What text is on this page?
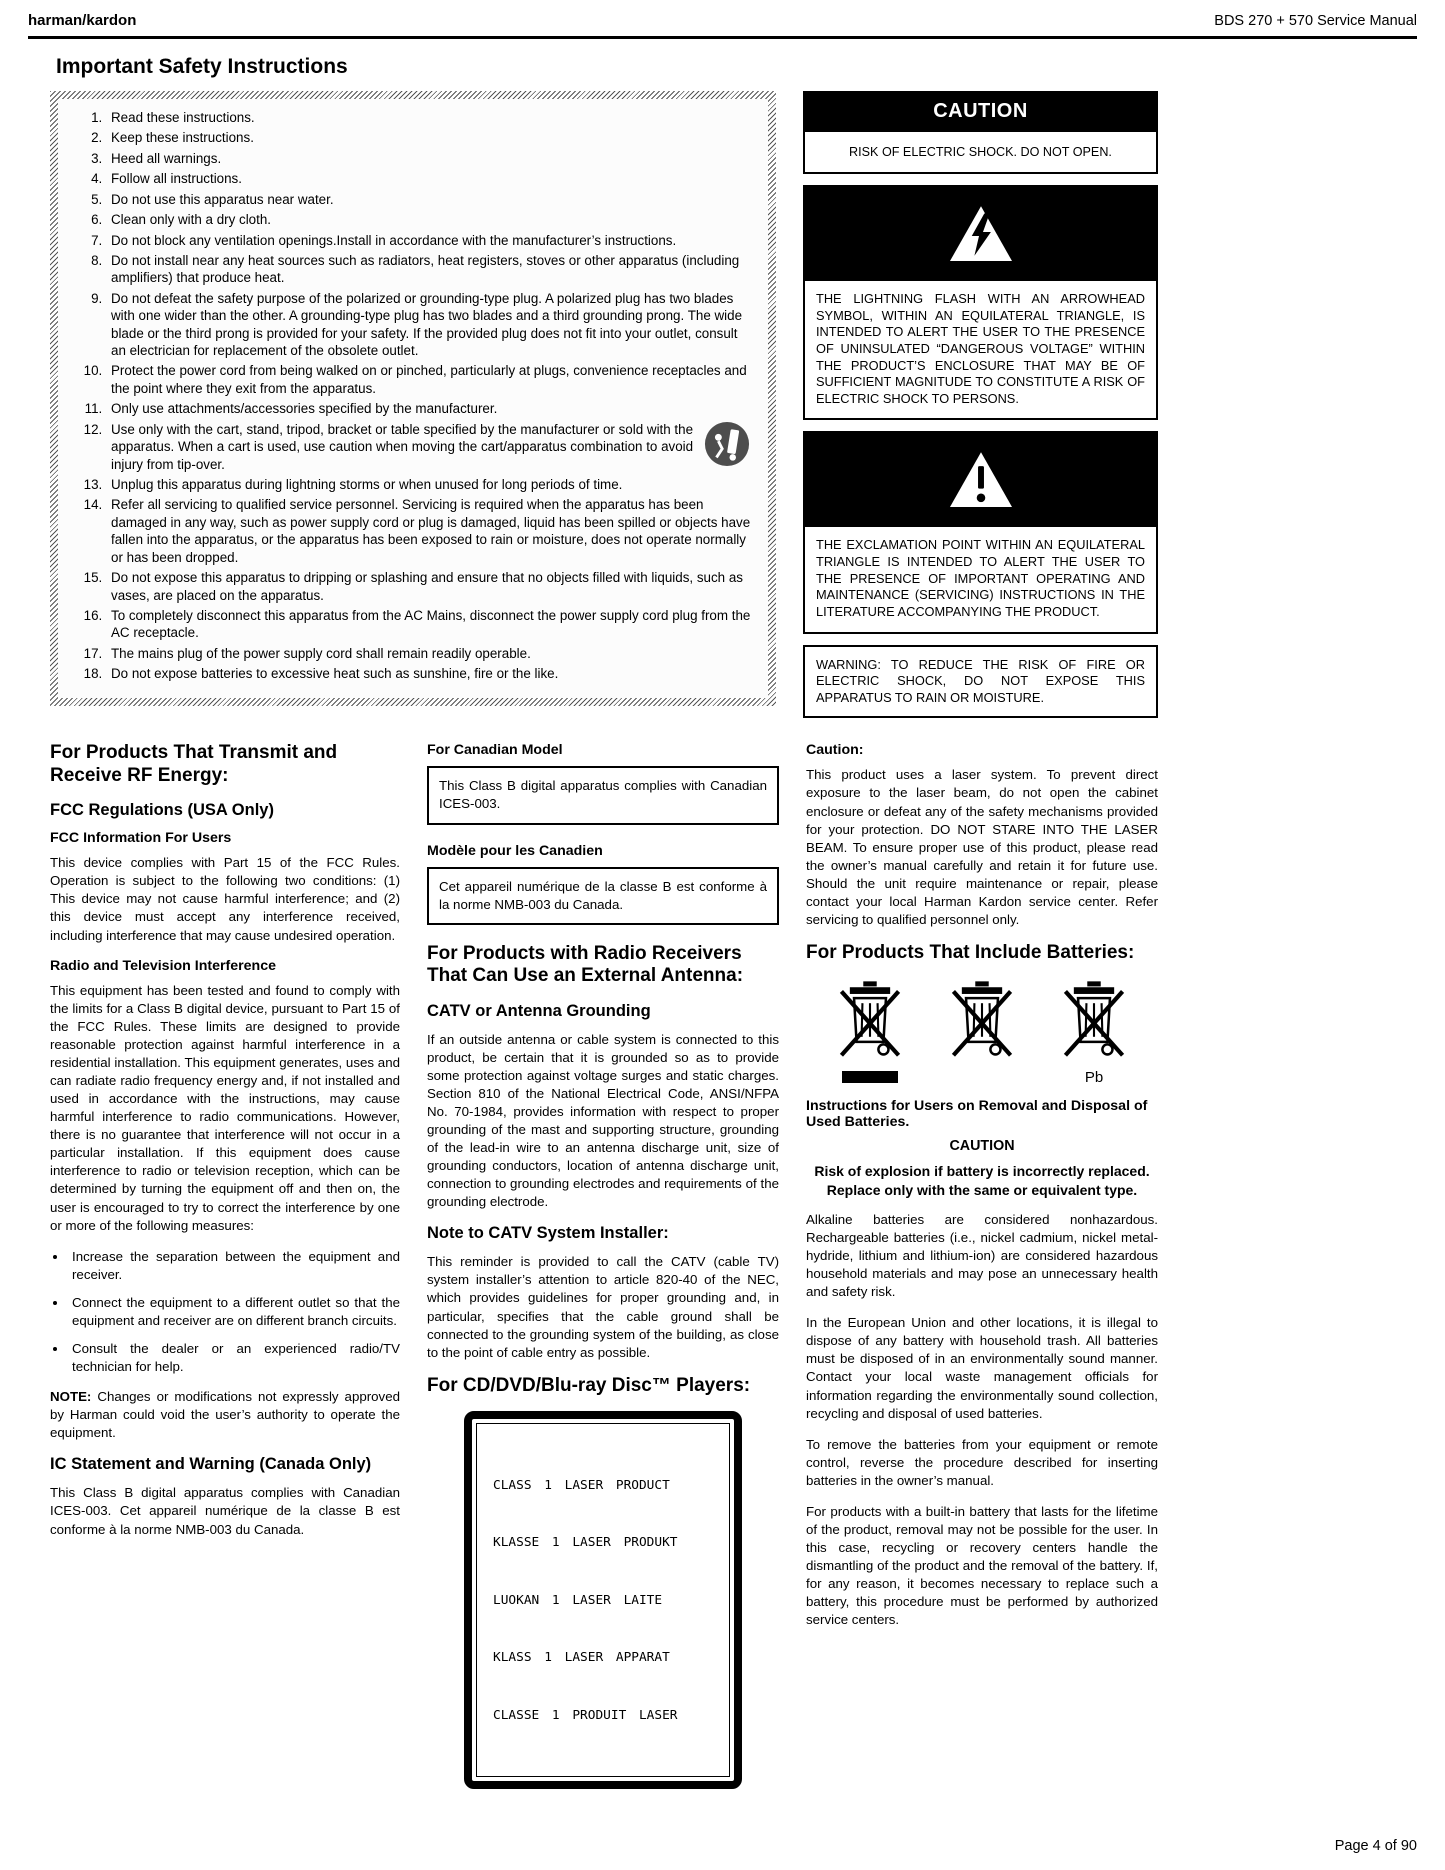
harman/kardon	BDS 270 + 570 Service Manual
Important Safety Instructions
1. Read these instructions.
2. Keep these instructions.
3. Heed all warnings.
4. Follow all instructions.
5. Do not use this apparatus near water.
6. Clean only with a dry cloth.
7. Do not block any ventilation openings.Install in accordance with the manufacturer’s instructions.
8. Do not install near any heat sources such as radiators, heat registers, stoves or other apparatus (including amplifiers) that produce heat.
9. Do not defeat the safety purpose of the polarized or grounding-type plug. A polarized plug has two blades with one wider than the other. A grounding-type plug has two blades and a third grounding prong. The wide blade or the third prong is provided for your safety. If the provided plug does not fit into your outlet, consult an electrician for replacement of the obsolete outlet.
10. Protect the power cord from being walked on or pinched, particularly at plugs, convenience receptacles and the point where they exit from the apparatus.
11. Only use attachments/accessories specified by the manufacturer.
12. Use only with the cart, stand, tripod, bracket or table specified by the manufacturer or sold with the apparatus. When a cart is used, use caution when moving the cart/apparatus combination to avoid injury from tip-over.
13. Unplug this apparatus during lightning storms or when unused for long periods of time.
14. Refer all servicing to qualified service personnel. Servicing is required when the apparatus has been damaged in any way, such as power supply cord or plug is damaged, liquid has been spilled or objects have fallen into the apparatus, or the apparatus has been exposed to rain or moisture, does not operate normally or has been dropped.
15. Do not expose this apparatus to dripping or splashing and ensure that no objects filled with liquids, such as vases, are placed on the apparatus.
16. To completely disconnect this apparatus from the AC Mains, disconnect the power supply cord plug from the AC receptacle.
17. The mains plug of the power supply cord shall remain readily operable.
18. Do not expose batteries to excessive heat such as sunshine, fire or the like.
CAUTION
RISK OF ELECTRIC SHOCK. DO NOT OPEN.
THE LIGHTNING FLASH WITH AN ARROWHEAD SYMBOL, WITHIN AN EQUILATERAL TRIANGLE, IS INTENDED TO ALERT THE USER TO THE PRESENCE OF UNINSULATED “DANGEROUS VOLTAGE” WITHIN THE PRODUCT’S ENCLOSURE THAT MAY BE OF SUFFICIENT MAGNITUDE TO CONSTITUTE A RISK OF ELECTRIC SHOCK TO PERSONS.
THE EXCLAMATION POINT WITHIN AN EQUILATERAL TRIANGLE IS INTENDED TO ALERT THE USER TO THE PRESENCE OF IMPORTANT OPERATING AND MAINTENANCE (SERVICING) INSTRUCTIONS IN THE LITERATURE ACCOMPANYING THE PRODUCT.
WARNING: TO REDUCE THE RISK OF FIRE OR ELECTRIC SHOCK, DO NOT EXPOSE THIS APPARATUS TO RAIN OR MOISTURE.
For Products That Transmit and Receive RF Energy:
FCC Regulations (USA Only)
FCC Information For Users

This device complies with Part 15 of the FCC Rules. Operation is subject to the following two conditions: (1) This device may not cause harmful interference; and (2) this device must accept any interference received, including interference that may cause undesired operation.

Radio and Television Interference

This equipment has been tested and found to comply with the limits for a Class B digital device, pursuant to Part 15 of the FCC Rules. These limits are designed to provide reasonable protection against harmful interference in a residential installation. This equipment generates, uses and can radiate radio frequency energy and, if not installed and used in accordance with the instructions, may cause harmful interference to radio communications. However, there is no guarantee that interference will not occur in a particular installation. If this equipment does cause interference to radio or television reception, which can be determined by turning the equipment off and then on, the user is encouraged to try to correct the interference by one or more of the following measures:

• Increase the separation between the equipment and receiver.
• Connect the equipment to a different outlet so that the equipment and receiver are on different branch circuits.
• Consult the dealer or an experienced radio/TV technician for help.

NOTE: Changes or modifications not expressly approved by Harman could void the user’s authority to operate the equipment.

IC Statement and Warning (Canada Only)

This Class B digital apparatus complies with Canadian ICES-003. Cet appareil numérique de la classe B est conforme à la norme NMB-003 du Canada.

For Canadian Model
This Class B digital apparatus complies with Canadian ICES-003.
Modèle pour les Canadien
Cet appareil numérique de la classe B est conforme à la norme NMB-003 du Canada.
For Products with Radio Receivers That Can Use an External Antenna:
CATV or Antenna Grounding

If an outside antenna or cable system is connected to this product, be certain that it is grounded so as to provide some protection against voltage surges and static charges. Section 810 of the National Electrical Code, ANSI/NFPA No. 70-1984, provides information with respect to proper grounding of the mast and supporting structure, grounding of the lead-in wire to an antenna discharge unit, size of grounding conductors, location of antenna discharge unit, connection to grounding electrodes and requirements of the grounding electrode.

Note to CATV System Installer:

This reminder is provided to call the CATV (cable TV) system installer’s attention to article 820-40 of the NEC, which provides guidelines for proper grounding and, in particular, specifies that the cable ground shall be connected to the grounding system of the building, as close to the point of cable entry as possible.

For CD/DVD/Blu-ray Disc™ Players:

CLASS 1 LASER PRODUCT

KLASSE 1 LASER PRODUKT

LUOKAN 1 LASER LAITE

KLASS 1 LASER APPARAT

CLASSE 1 PRODUIT LASER

Caution:

This product uses a laser system. To prevent direct exposure to the laser beam, do not open the cabinet enclosure or defeat any of the safety mechanisms provided for your protection. DO NOT STARE INTO THE LASER BEAM. To ensure proper use of this product, please read the owner’s manual carefully and retain it for future use. Should the unit require maintenance or repair, please contact your local Harman Kardon service center. Refer servicing to qualified personnel only.

For Products That Include Batteries:
Pb
Instructions for Users on Removal and Disposal of Used Batteries.
CAUTION
Risk of explosion if battery is incorrectly replaced. Replace only with the same or equivalent type.

Alkaline batteries are considered nonhazardous. Rechargeable batteries (i.e., nickel cadmium, nickel metal-hydride, lithium and lithium-ion) are considered hazardous household materials and may pose an unnecessary health and safety risk.

In the European Union and other locations, it is illegal to dispose of any battery with household trash. All batteries must be disposed of in an environmentally sound manner. Contact your local waste management officials for information regarding the environmentally sound collection, recycling and disposal of used batteries.

To remove the batteries from your equipment or remote control, reverse the procedure described for inserting batteries in the owner’s manual.

For products with a built-in battery that lasts for the lifetime of the product, removal may not be possible for the user. In this case, recycling or recovery centers handle the dismantling of the product and the removal of the battery. If, for any reason, it becomes necessary to replace such a battery, this procedure must be performed by authorized service centers.

Page 4 of 90
